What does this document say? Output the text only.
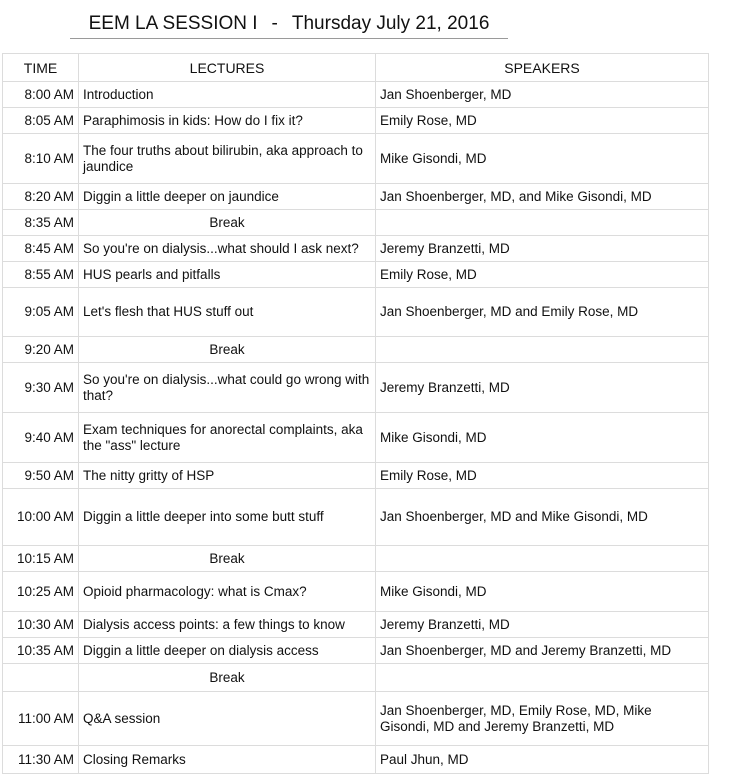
EEM LA SESSION I - Thursday July 21, 2016
TIME	LECTURES	SPEAKERS
8:00 AM	Introduction	Jan Shoenberger, MD
8:05 AM	Paraphimosis in kids: How do I fix it?	Emily Rose, MD
8:10 AM	The four truths about bilirubin, aka approach to jaundice	Mike Gisondi, MD
8:20 AM	Diggin a little deeper on jaundice	Jan Shoenberger, MD, and Mike Gisondi, MD
8:35 AM	Break	
8:45 AM	So you're on dialysis...what should I ask next?	Jeremy Branzetti, MD
8:55 AM	HUS pearls and pitfalls	Emily Rose, MD
9:05 AM	Let's flesh that HUS stuff out	Jan Shoenberger, MD and Emily Rose, MD
9:20 AM	Break	
9:30 AM	So you're on dialysis...what could go wrong with that?	Jeremy Branzetti, MD
9:40 AM	Exam techniques for anorectal complaints, aka the "ass" lecture	Mike Gisondi, MD
9:50 AM	The nitty gritty of HSP	Emily Rose, MD
10:00 AM	Diggin a little deeper into some butt stuff	Jan Shoenberger, MD and Mike Gisondi, MD
10:15 AM	Break	
10:25 AM	Opioid pharmacology: what is Cmax?	Mike Gisondi, MD
10:30 AM	Dialysis access points: a few things to know	Jeremy Branzetti, MD
10:35 AM	Diggin a little deeper on dialysis access	Jan Shoenberger, MD and Jeremy Branzetti, MD
	Break	
11:00 AM	Q&A session	Jan Shoenberger, MD, Emily Rose, MD, Mike Gisondi, MD and Jeremy Branzetti, MD
11:30 AM	Closing Remarks	Paul Jhun, MD
